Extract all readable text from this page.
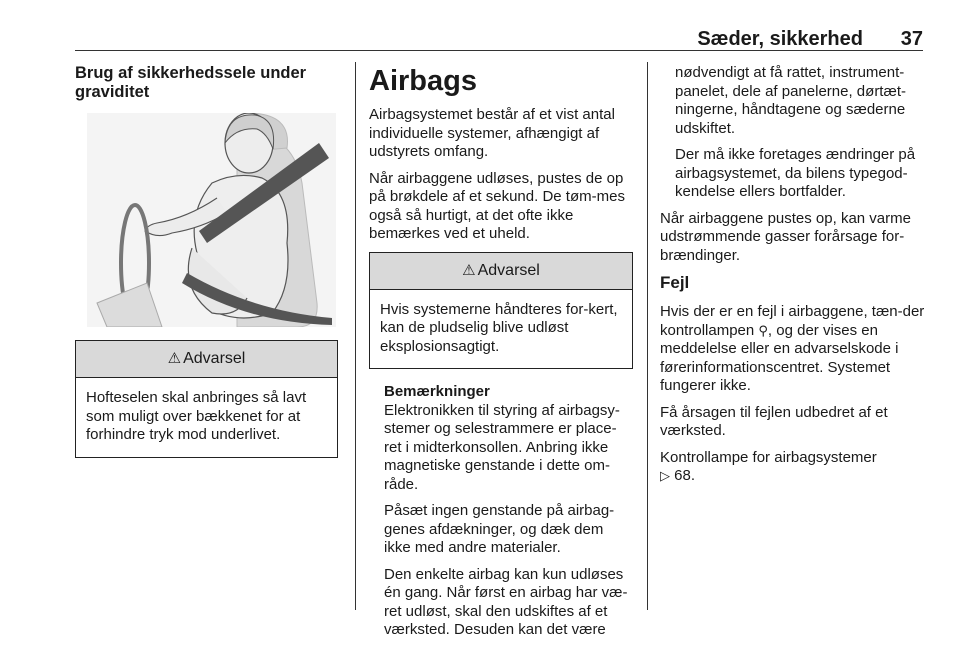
Sæder, sikkerhed 37

Brug af sikkerhedssele under graviditet

⚠ Advarsel
Hofteselen skal anbringes så lavt som muligt over bækkenet for at forhindre tryk mod underlivet.
Airbags

Airbagsystemet består af et vist antal individuelle systemer, afhængigt af udstyrets omfang.

Når airbaggene udløses, pustes de op på brøkdele af et sekund. De tøm-mes også så hurtigt, at det ofte ikke bemærkes ved et uheld.

⚠ Advarsel
Hvis systemerne håndteres for-kert, kan de pludselig blive udløst eksplosionsagtigt.
Bemærkninger

Elektronikken til styring af airbagsy-stemer og selestrammere er place-ret i midterkonsollen. Anbring ikke magnetiske genstande i dette om-råde.

Påsæt ingen genstande på airbag-genes afdækninger, og dæk dem ikke med andre materialer.

Den enkelte airbag kan kun udløses én gang. Når først en airbag har væ-ret udløst, skal den udskiftes af et værksted. Desuden kan det være

nødvendigt at få rattet, instrument-panelet, dele af panelerne, dørtæt-ningerne, håndtagene og sæderne udskiftet.

Der må ikke foretages ændringer på airbagsystemet, da bilens typegod-kendelse ellers bortfalder.

Når airbaggene pustes op, kan varme udstrømmende gasser forårsage for-brændinger.

Fejl

Hvis der er en fejl i airbaggene, tæn-der kontrollampen ⚲, og der vises en meddelelse eller en advarselskode i førerinformationscentret. Systemet fungerer ikke.

Få årsagen til fejlen udbedret af et værksted.

Kontrollampe for airbagsystemer
▷ 68.
